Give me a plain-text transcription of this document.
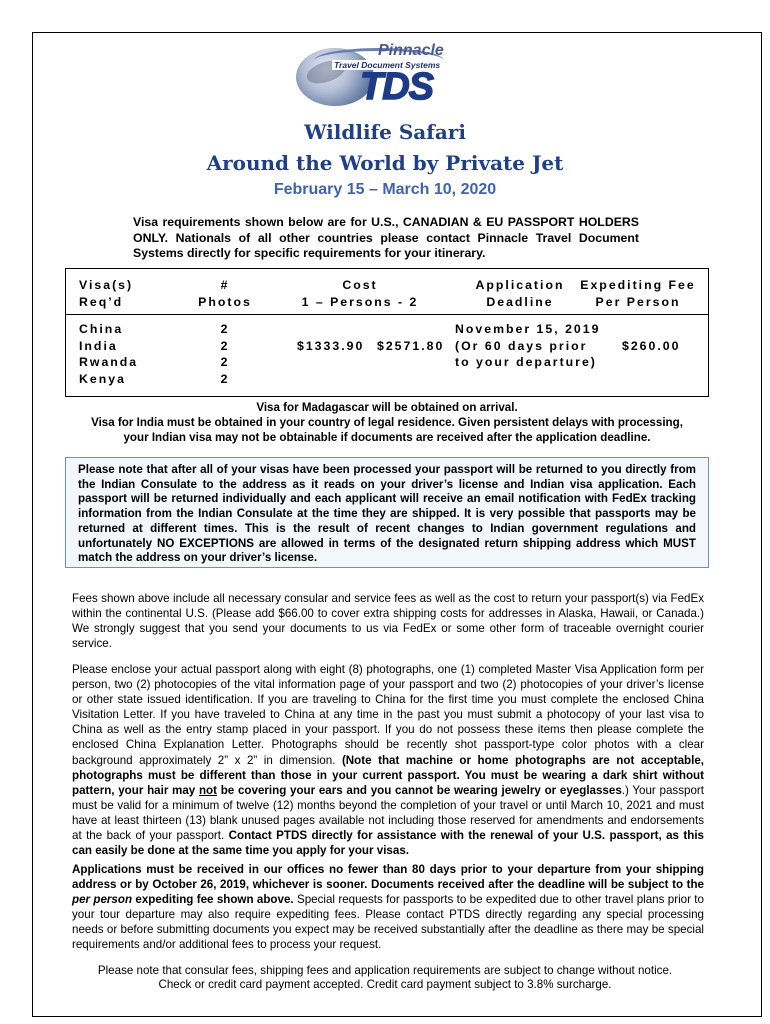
Pinnacle
Travel Document Systems
TDS
Wildlife Safari
Around the World by Private Jet
February 15 – March 10, 2020
Visa requirements shown below are for U.S., CANADIAN & EU PASSPORT HOLDERS ONLY. Nationals of all other countries please contact Pinnacle Travel Document Systems directly for specific requirements for your itinerary.
Visa(s)
Req’d
#
Photos
Cost
1 – Persons - 2
Application
Deadline
Expediting Fee
Per Person
China
India
Rwanda
Kenya
2
2
2
2
$1333.90 $2571.80
November 15, 2019
(Or 60 days prior
to your departure)
$260.00
Visa for Madagascar will be obtained on arrival.
Visa for India must be obtained in your country of legal residence. Given persistent delays with processing,
your Indian visa may not be obtainable if documents are received after the application deadline.

Please note that after all of your visas have been processed your passport will be returned to you directly from the Indian Consulate to the address as it reads on your driver’s license and Indian visa application. Each passport will be returned individually and each applicant will receive an email notification with FedEx tracking information from the Indian Consulate at the time they are shipped. It is very possible that passports may be returned at different times. This is the result of recent changes to Indian government regulations and unfortunately NO EXCEPTIONS are allowed in terms of the designated return shipping address which MUST match the address on your driver’s license.

Fees shown above include all necessary consular and service fees as well as the cost to return your passport(s) via FedEx within the continental U.S. (Please add $66.00 to cover extra shipping costs for addresses in Alaska, Hawaii, or Canada.) We strongly suggest that you send your documents to us via FedEx or some other form of traceable overnight courier service.

Please enclose your actual passport along with eight (8) photographs, one (1) completed Master Visa Application form per person, two (2) photocopies of the vital information page of your passport and two (2) photocopies of your driver’s license or other state issued identification. If you are traveling to China for the first time you must complete the enclosed China Visitation Letter. If you have traveled to China at any time in the past you must submit a photocopy of your last visa to China as well as the entry stamp placed in your passport. If you do not possess these items then please complete the enclosed China Explanation Letter. Photographs should be recently shot passport-type color photos with a clear background approximately 2” x 2” in dimension. (Note that machine or home photographs are not acceptable, photographs must be different than those in your current passport. You must be wearing a dark shirt without pattern, your hair may not be covering your ears and you cannot be wearing jewelry or eyeglasses.) Your passport must be valid for a minimum of twelve (12) months beyond the completion of your travel or until March 10, 2021 and must have at least thirteen (13) blank unused pages available not including those reserved for amendments and endorsements at the back of your passport. Contact PTDS directly for assistance with the renewal of your U.S. passport, as this can easily be done at the same time you apply for your visas.

Applications must be received in our offices no fewer than 80 days prior to your departure from your shipping address or by October 26, 2019, whichever is sooner. Documents received after the deadline will be subject to the per person expediting fee shown above. Special requests for passports to be expedited due to other travel plans prior to your tour departure may also require expediting fees. Please contact PTDS directly regarding any special processing needs or before submitting documents you expect may be received substantially after the deadline as there may be special requirements and/or additional fees to process your request.

Please note that consular fees, shipping fees and application requirements are subject to change without notice.
Check or credit card payment accepted. Credit card payment subject to 3.8% surcharge.
